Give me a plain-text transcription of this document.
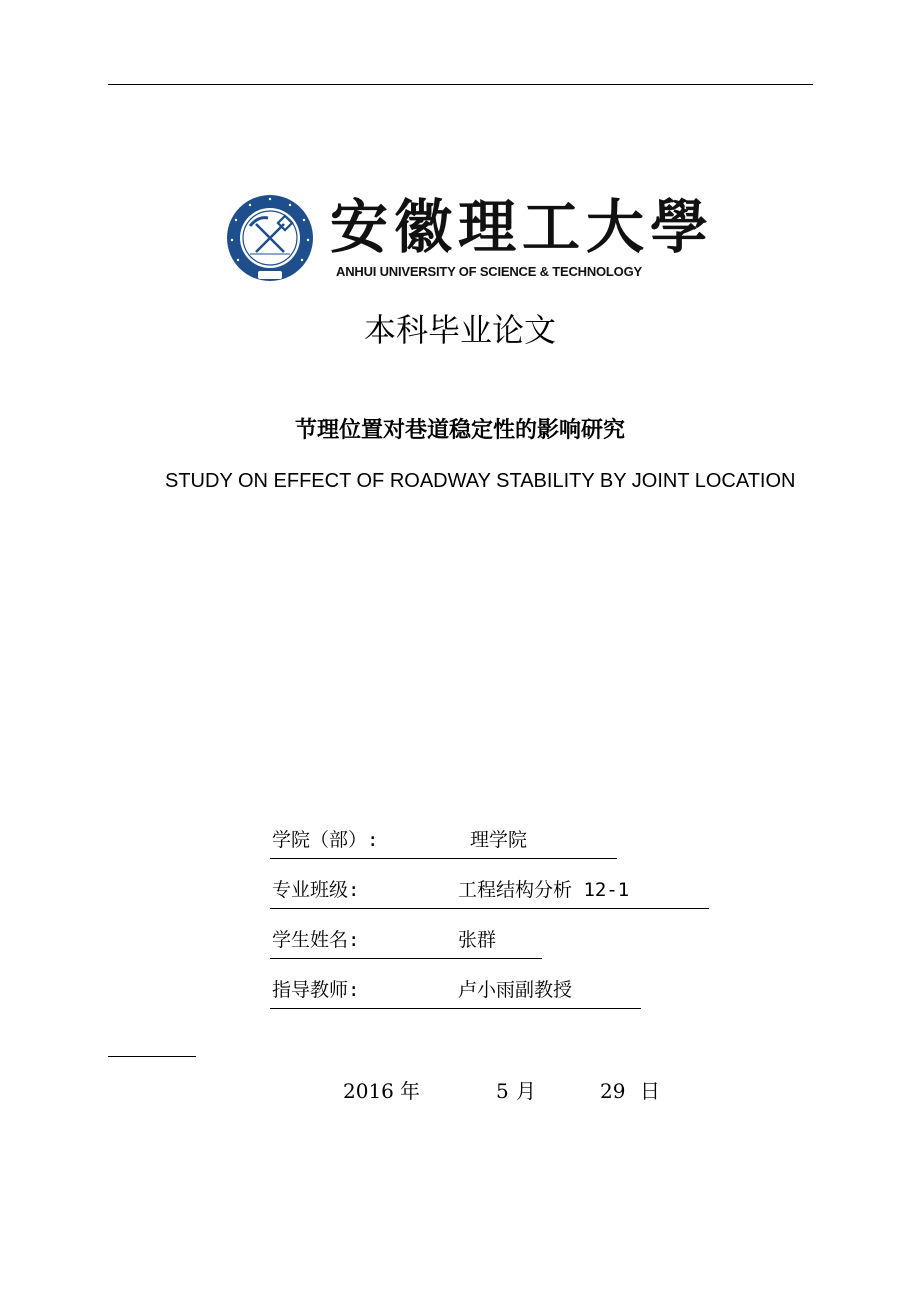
安徽理工大學
ANHUI UNIVERSITY OF SCIENCE & TECHNOLOGY
本科毕业论文
节理位置对巷道稳定性的影响研究
STUDY ON EFFECT OF ROADWAY STABILITY BY JOINT LOCATION
学院（部）:	理学院
专业班级:	工程结构分析 12-1
学生姓名:	张群
指导教师:	卢小雨副教授
2016 年	5 月	29 日
